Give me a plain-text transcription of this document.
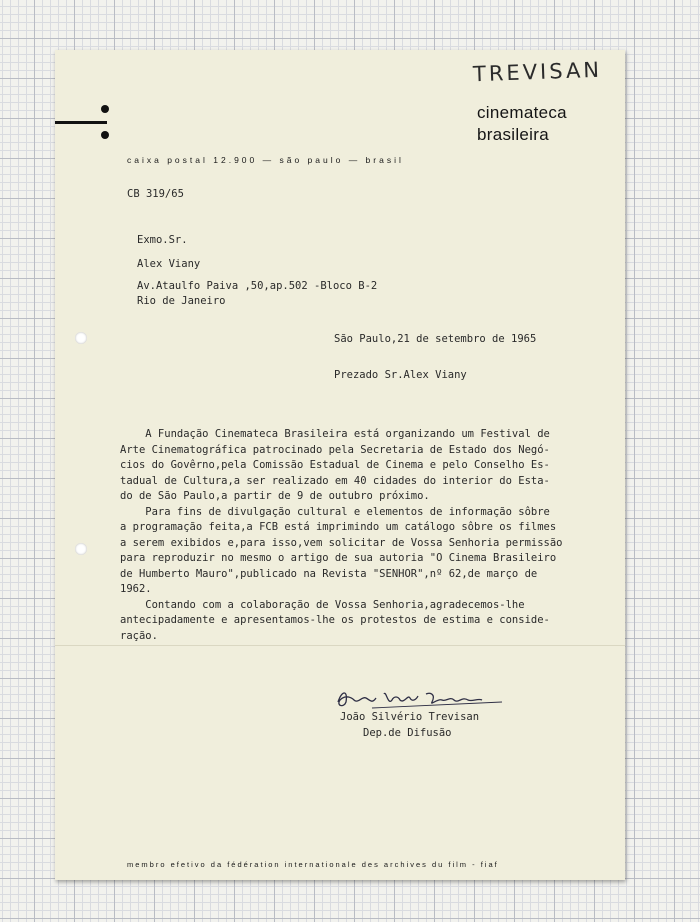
TREVISAN
cinemateca
brasileira
caixa postal 12.900 — são paulo — brasil
CB 319/65
Exmo.Sr.
Alex Viany
Av.Ataulfo Paiva ,50,ap.502 -Bloco B-2
Rio de Janeiro
São Paulo,21 de setembro de 1965
Prezado Sr.Alex Viany
A Fundação Cinemateca Brasileira está organizando um Festival de
Arte Cinematográfica patrocinado pela Secretaria de Estado dos Negó-
cios do Govêrno,pela Comissão Estadual de Cinema e pelo Conselho Es-
tadual de Cultura,a ser realizado em 40 cidades do interior do Esta-
do de São Paulo,a partir de 9 de outubro próximo.
Para fins de divulgação cultural e elementos de informação sôbre
a programação feita,a FCB está imprimindo um catálogo sôbre os filmes
a serem exibidos e,para isso,vem solicitar de Vossa Senhoria permissão
para reproduzir no mesmo o artigo de sua autoria "O Cinema Brasileiro
de Humberto Mauro",publicado na Revista "SENHOR",nº 62,de março de
1962.
Contando com a colaboração de Vossa Senhoria,agradecemos-lhe
antecipadamente e apresentamos-lhe os protestos de estima e conside-
ração.
João Silvério Trevisan
Dep.de Difusão
membro efetivo da fédération internationale des archives du film - fiaf
